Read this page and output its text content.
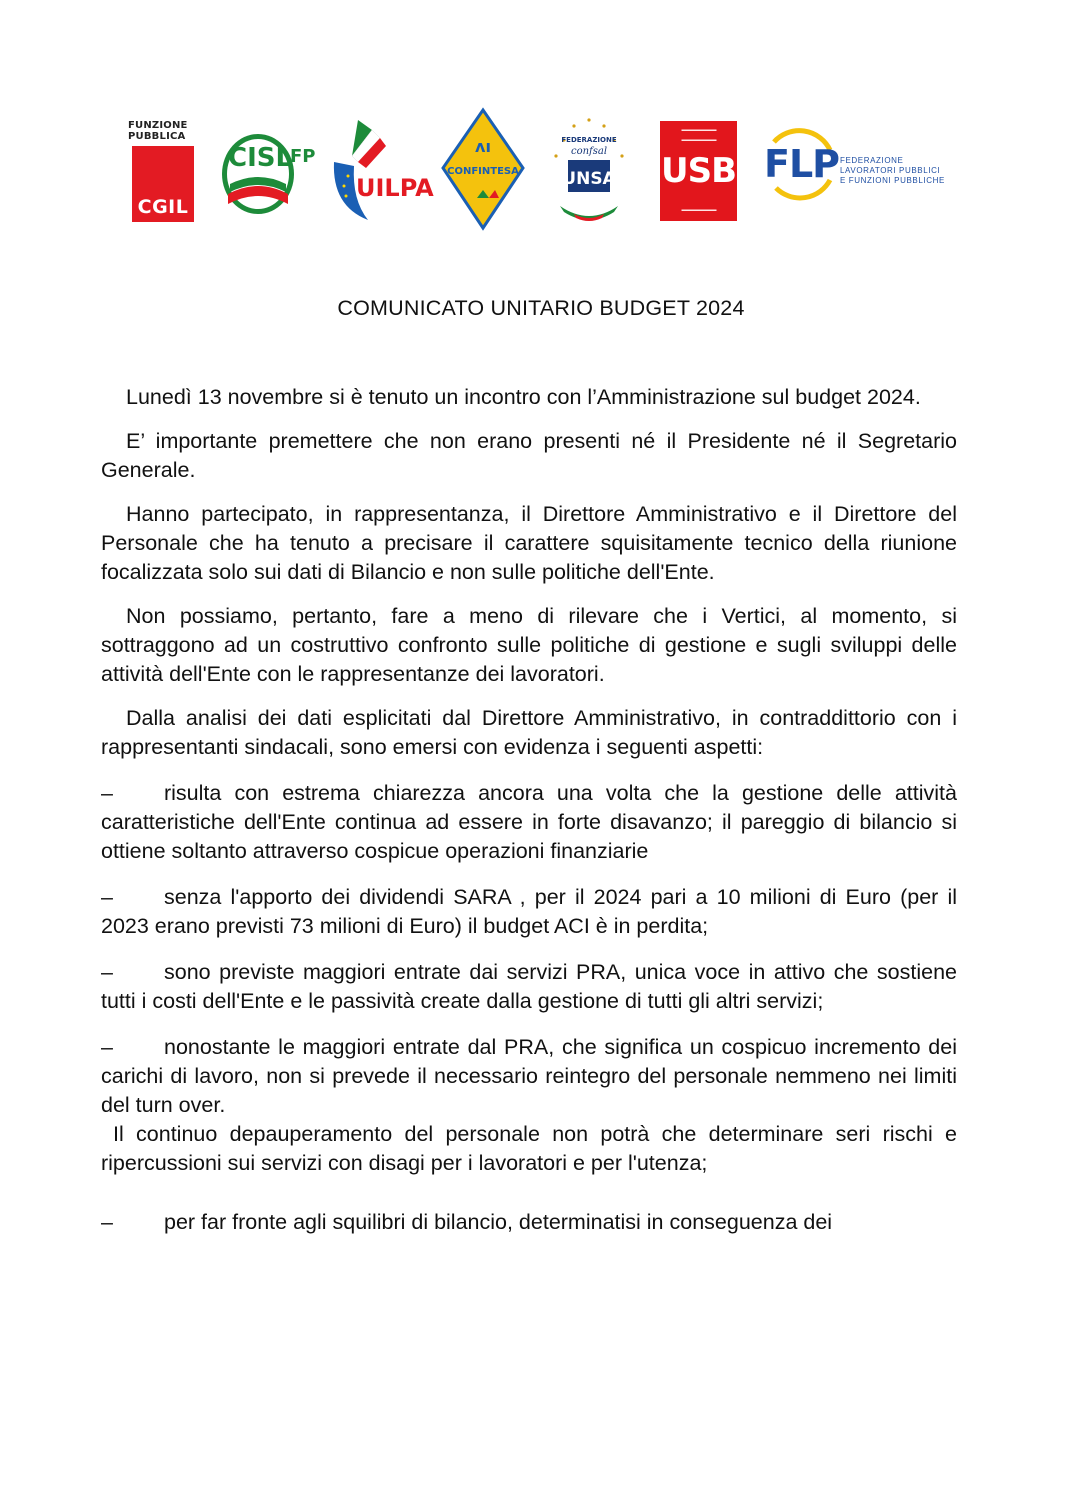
FUNZIONE
PUBBLICA
CGIL
CISL
FP
UILPA
ʌı
CONFINTESA
FEDERAZIONE
confsal
UNSA
▬▬▬▬▬▬▬
▬▬▬▬▬▬▬
USB
▬▬▬▬▬▬▬
FLP FEDERAZIONE
LAVORATORI PUBBLICI
E FUNZIONI PUBBLICHE
COMUNICATO UNITARIO BUDGET 2024

Lunedì 13 novembre si è tenuto un incontro con l’Amministrazione sul budget 2024.

E’ importante premettere che non erano presenti né il Presidente né il Segretario Generale.

Hanno partecipato, in rappresentanza, il Direttore Amministrativo e il Direttore del Personale che ha tenuto a precisare il carattere squisitamente tecnico della riunione focalizzata solo sui dati di Bilancio e non sulle politiche dell'Ente.

Non possiamo, pertanto, fare a meno di rilevare che i Vertici, al momento, si sottraggono ad un costruttivo confronto sulle politiche di gestione e sugli sviluppi delle attività dell'Ente con le rappresentanze dei lavoratori.

Dalla analisi dei dati esplicitati dal Direttore Amministrativo, in contraddittorio con i rappresentanti sindacali, sono emersi con evidenza i seguenti aspetti:

– risulta con estrema chiarezza ancora una volta che la gestione delle attività caratteristiche dell'Ente continua ad essere in forte disavanzo; il pareggio di bilancio si ottiene soltanto attraverso cospicue operazioni finanziarie

– senza l'apporto dei dividendi SARA , per il 2024 pari a 10 milioni di Euro (per il 2023 erano previsti 73 milioni di Euro) il budget ACI è in perdita;

– sono previste maggiori entrate dai servizi PRA, unica voce in attivo che sostiene tutti i costi dell'Ente e le passività create dalla gestione di tutti gli altri servizi;

– nonostante le maggiori entrate dal PRA, che significa un cospicuo incremento dei carichi di lavoro, non si prevede il necessario reintegro del personale nemmeno nei limiti del turn over.

Il continuo depauperamento del personale non potrà che determinare seri rischi e ripercussioni sui servizi con disagi per i lavoratori e per l'utenza;

– per far fronte agli squilibri di bilancio, determinatisi in conseguenza dei
